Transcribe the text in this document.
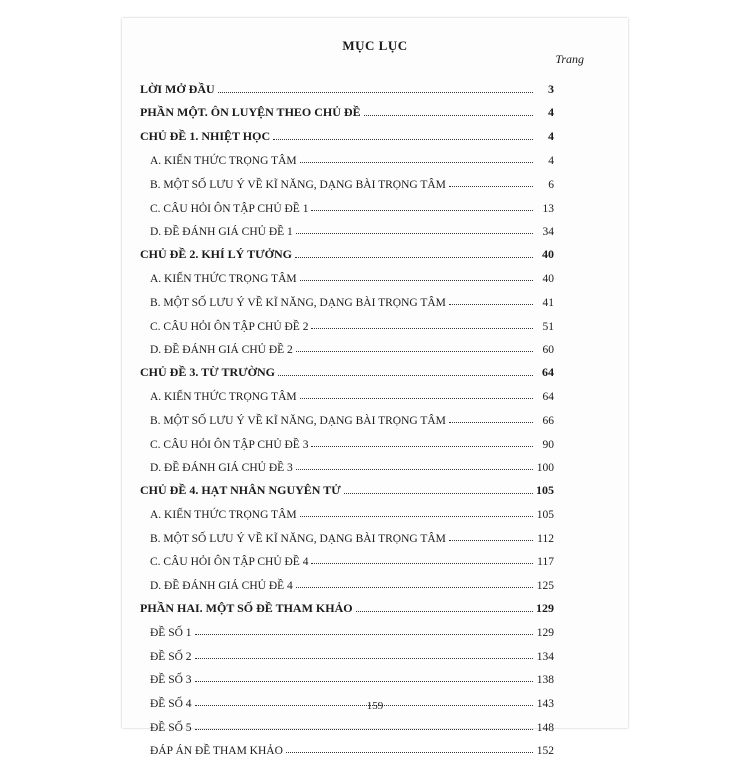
MỤC LỤC
Trang
LỜI MỞ ĐẦU	3
PHẦN MỘT. ÔN LUYỆN THEO CHỦ ĐỀ	4
CHỦ ĐỀ 1. NHIỆT HỌC	4
A. KIẾN THỨC TRỌNG TÂM	4
B. MỘT SỐ LƯU Ý VỀ KĨ NĂNG, DẠNG BÀI TRỌNG TÂM	6
C. CÂU HỎI ÔN TẬP CHỦ ĐỀ 1	13
D. ĐỀ ĐÁNH GIÁ CHỦ ĐỀ 1	34
CHỦ ĐỀ 2. KHÍ LÝ TƯỞNG	40
A. KIẾN THỨC TRỌNG TÂM	40
B. MỘT SỐ LƯU Ý VỀ KĨ NĂNG, DẠNG BÀI TRỌNG TÂM	41
C. CÂU HỎI ÔN TẬP CHỦ ĐỀ 2	51
D. ĐỀ ĐÁNH GIÁ CHỦ ĐỀ 2	60
CHỦ ĐỀ 3. TỪ TRƯỜNG	64
A. KIẾN THỨC TRỌNG TÂM	64
B. MỘT SỐ LƯU Ý VỀ KĨ NĂNG, DẠNG BÀI TRỌNG TÂM	66
C. CÂU HỎI ÔN TẬP CHỦ ĐỀ 3	90
D. ĐỀ ĐÁNH GIÁ CHỦ ĐỀ 3	100
CHỦ ĐỀ 4. HẠT NHÂN NGUYÊN TỬ	105
A. KIẾN THỨC TRỌNG TÂM	105
B. MỘT SỐ LƯU Ý VỀ KĨ NĂNG, DẠNG BÀI TRỌNG TÂM	112
C. CÂU HỎI ÔN TẬP CHỦ ĐỀ 4	117
D. ĐỀ ĐÁNH GIÁ CHỦ ĐỀ 4	125
PHẦN HAI. MỘT SỐ ĐỀ THAM KHẢO	129
ĐỀ SỐ 1	129
ĐỀ SỐ 2	134
ĐỀ SỐ 3	138
ĐỀ SỐ 4	143
ĐỀ SỐ 5	148
ĐÁP ÁN ĐỀ THAM KHẢO	152
159
